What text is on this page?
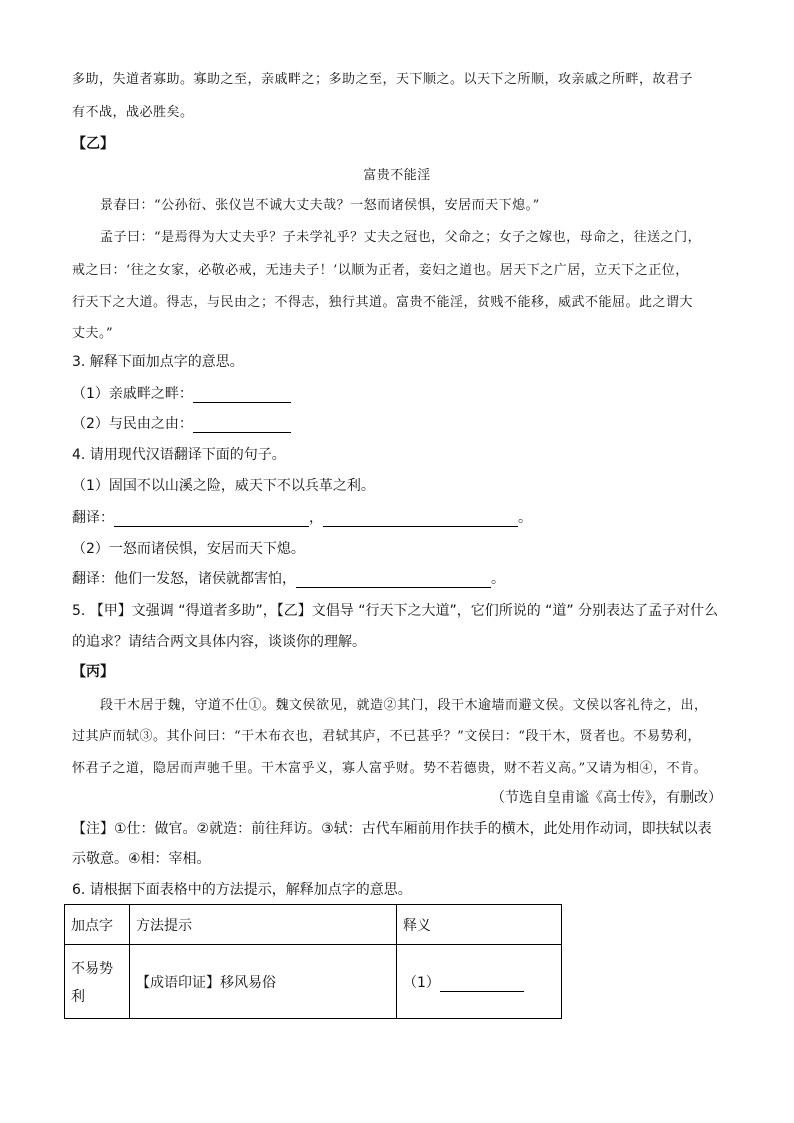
多助，失道者寡助。寡助之至，亲戚畔之；多助之至，天下顺之。以天下之所顺，攻亲戚之所畔，故君子
有不战，战必胜矣。
【乙】
富贵不能淫
景春曰：“公孙衍、张仪岂不诚大丈夫哉？一怒而诸侯惧，安居而天下熄。”
孟子曰：“是焉得为大丈夫乎？子未学礼乎？丈夫之冠也，父命之；女子之嫁也，母命之，往送之门，
戒之曰：‘往之女家，必敬必戒，无违夫子！’以顺为正者，妾妇之道也。居天下之广居，立天下之正位，
行天下之大道。得志，与民由之；不得志，独行其道。富贵不能淫，贫贱不能移，威武不能屈。此之谓大
丈夫。”
3. 解释下面加点字的意思。
（1）亲戚畔之畔：
（2）与民由之由：
4. 请用现代汉语翻译下面的句子。
（1）固国不以山溪之险，威天下不以兵革之利。
翻译：	，	。
（2）一怒而诸侯惧，安居而天下熄。
翻译：他们一发怒，诸侯就都害怕，	。
5. 【甲】文强调 “得道者多助”，【乙】文倡导 “行天下之大道”，它们所说的 “道” 分别表达了孟子对什么
的追求？请结合两文具体内容，谈谈你的理解。
【丙】
段干木居于魏，守道不仕①。魏文侯欲见，就造②其门，段干木逾墙而避文侯。文侯以客礼待之，出，
过其庐而轼③。其仆问曰：“干木布衣也，君轼其庐，不已甚乎？”文侯曰：“段干木，贤者也。不易势利，
怀君子之道，隐居而声驰千里。干木富乎义，寡人富乎财。势不若德贵，财不若义高。”又请为相④，不肯。
（节选自皇甫谧《高士传》，有删改）
【注】①仕：做官。②就造：前往拜访。③轼：古代车厢前用作扶手的横木，此处用作动词，即扶轼以表
示敬意。④相：宰相。
6. 请根据下面表格中的方法提示，解释加点字的意思。
加点字	方法提示	释义

不易势
利	【成语印证】移风易俗	（1）
